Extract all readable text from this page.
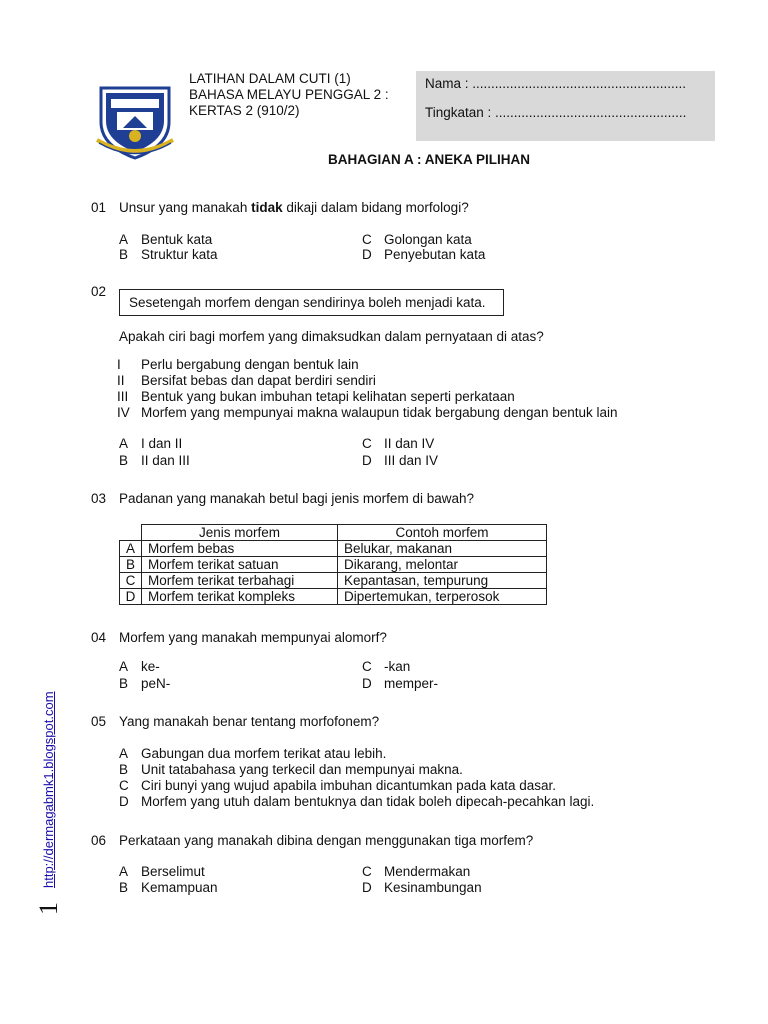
LATIHAN DALAM CUTI (1)
BAHASA MELAYU PENGGAL 2 :
KERTAS 2 (910/2)
Nama : .........................................................
Tingkatan : ...................................................
BAHAGIAN A : ANEKA PILIHAN
01 Unsur yang manakah tidak dikaji dalam bidang morfologi?
A Bentuk kata
B Struktur kata
C Golongan kata
D Penyebutan kata
02
Sesetengah morfem dengan sendirinya boleh menjadi kata.
Apakah ciri bagi morfem yang dimaksudkan dalam pernyataan di atas?
I Perlu bergabung dengan bentuk lain
II Bersifat bebas dan dapat berdiri sendiri
III Bentuk yang bukan imbuhan tetapi kelihatan seperti perkataan
IV Morfem yang mempunyai makna walaupun tidak bergabung dengan bentuk lain
A I dan II
B II dan III
C II dan IV
D III dan IV
03 Padanan yang manakah betul bagi jenis morfem di bawah?
	Jenis morfem	Contoh morfem
A	Morfem bebas	Belukar, makanan
B	Morfem terikat satuan	Dikarang, melontar
C	Morfem terikat terbahagi	Kepantasan, tempurung
D	Morfem terikat kompleks	Dipertemukan, terperosok
04 Morfem yang manakah mempunyai alomorf?
A ke-
B peN-
C -kan
D memper-
05 Yang manakah benar tentang morfofonem?
A Gabungan dua morfem terikat atau lebih.
B Unit tatabahasa yang terkecil dan mempunyai makna.
C Ciri bunyi yang wujud apabila imbuhan dicantumkan pada kata dasar.
D Morfem yang utuh dalam bentuknya dan tidak boleh dipecah-pecahkan lagi.
06 Perkataan yang manakah dibina dengan menggunakan tiga morfem?
A Berselimut
B Kemampuan
C Mendermakan
D Kesinambungan
http://dermagabmk1.blogspot.com
1
